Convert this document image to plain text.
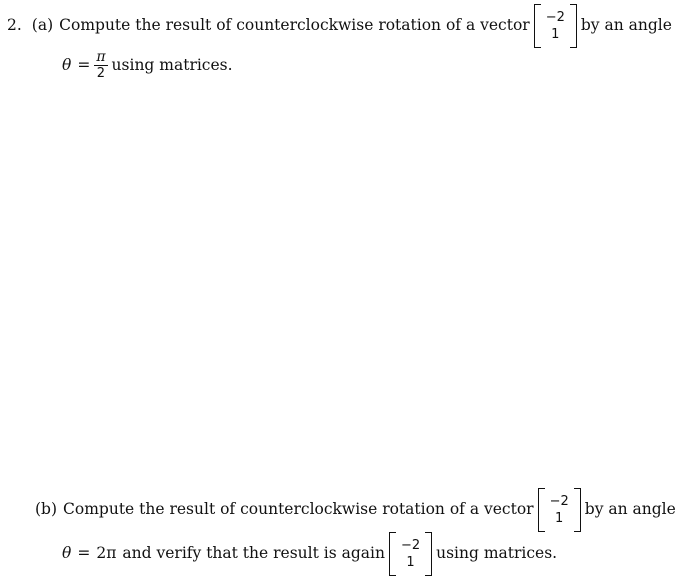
2. (a) Compute the result of counterclockwise rotation of a vector −2
1
by an angle
$\theta = \frac{\pi}{2}$ using matrices.
(b) Compute the result of counterclockwise rotation of a vector −2
1
by an angle
θ = 2π and verify that the result is again −2
1
using matrices.
